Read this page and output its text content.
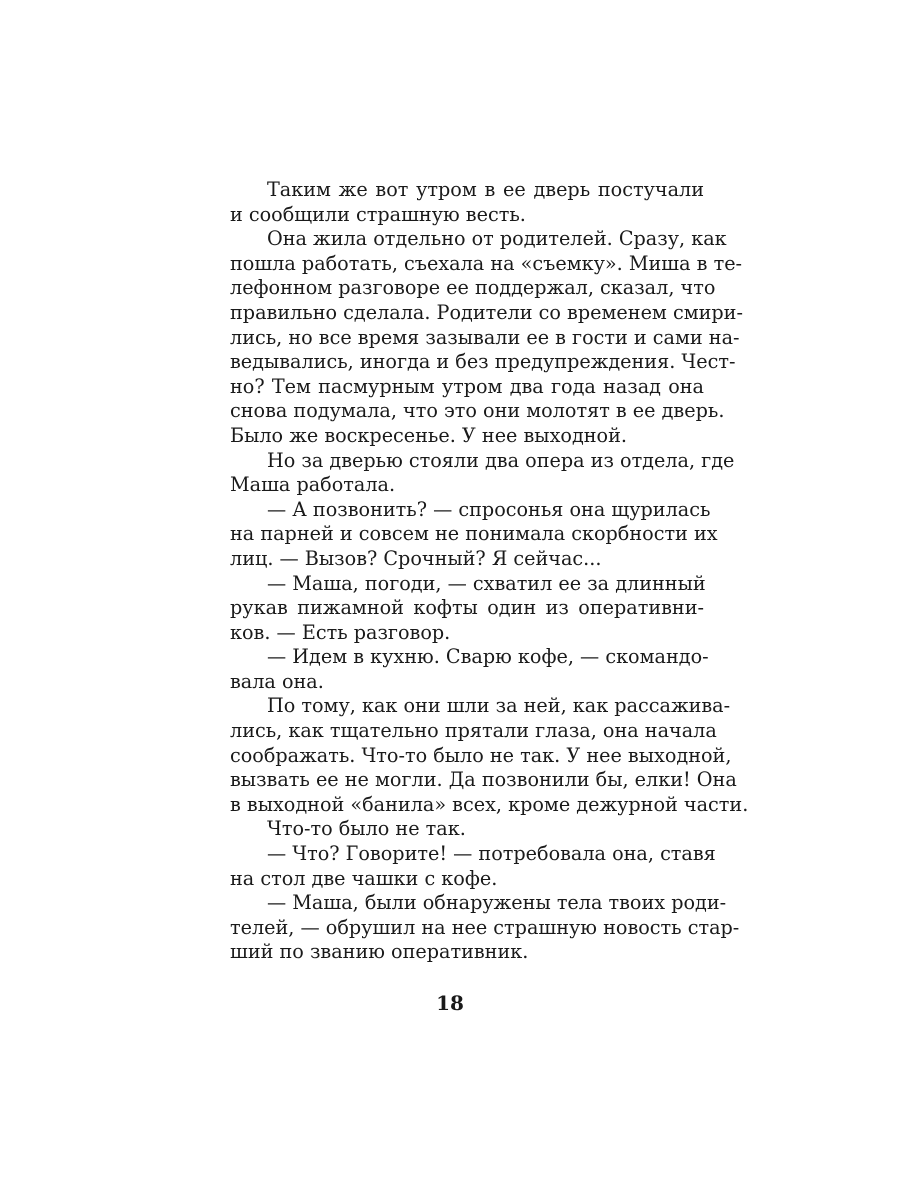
Таким же вот утром в ее дверь постучали
и сообщили страшную весть.
Она жила отдельно от родителей. Сразу, как
пошла работать, съехала на «съемку». Миша в те-
лефонном разговоре ее поддержал, сказал, что
правильно сделала. Родители со временем смири-
лись, но все время зазывали ее в гости и сами на-
ведывались, иногда и без предупреждения. Чест-
но? Тем пасмурным утром два года назад она
снова подумала, что это они молотят в ее дверь.
Было же воскресенье. У нее выходной.
Но за дверью стояли два опера из отдела, где
Маша работала.
— А позвонить? — спросонья она щурилась
на парней и совсем не понимала скорбности их
лиц. — Вызов? Срочный? Я сейчас...
— Маша, погоди, — схватил ее за длинный
рукав пижамной кофты один из оперативни-
ков. — Есть разговор.
— Идем в кухню. Сварю кофе, — скомандо-
вала она.
По тому, как они шли за ней, как рассажива-
лись, как тщательно прятали глаза, она начала
соображать. Что-то было не так. У нее выходной,
вызвать ее не могли. Да позвонили бы, елки! Она
в выходной «банила» всех, кроме дежурной части.
Что-то было не так.
— Что? Говорите! — потребовала она, ставя
на стол две чашки с кофе.
— Маша, были обнаружены тела твоих роди-
телей, — обрушил на нее страшную новость стар-
ший по званию оперативник.
18
